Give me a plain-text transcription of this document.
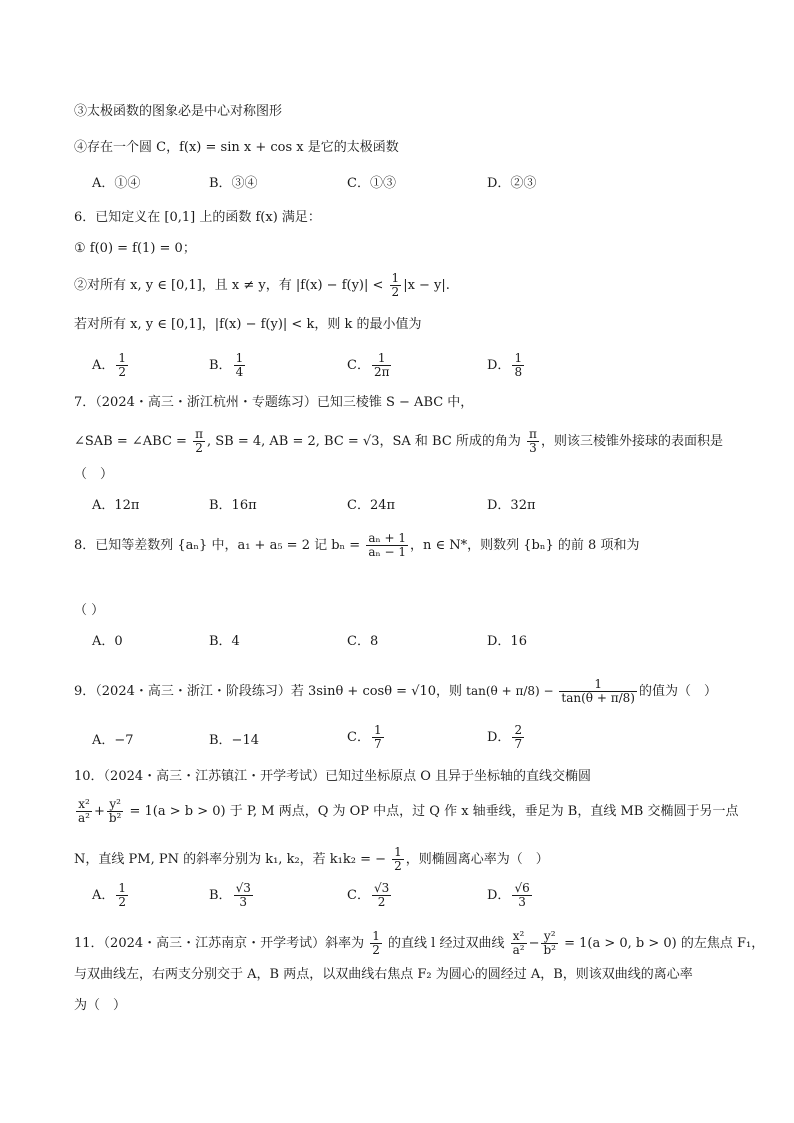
③太极函数的图象必是中心对称图形
④存在一个圆 C，f(x) = sin x + cos x 是它的太极函数
A．①④	B．③④	C．①③	D．②③
6．已知定义在 [0,1] 上的函数 f(x) 满足：
① f(0) = f(1) = 0；
②对所有 x, y ∈ [0,1]，且 x ≠ y，有 $|f(x) - f(y)| < \frac{1}{2} |x - y|$.
若对所有 x, y ∈ [0,1]，|f(x) − f(y)| < k，则 k 的最小值为
A． $\frac{1}{2}$	B． $\frac{1}{4}$	C． $\frac{1}{2\pi}$	D． $\frac{1}{8}$
7．（2024・高三・浙江杭州・专题练习）已知三棱锥 S − ABC 中，
∠SAB = ∠ABC = $\frac{\pi}{2}$ , SB = 4, AB = 2, BC = √3，SA 和 BC 所成的角为 $\frac{\pi}{3}$ ，则该三棱锥外接球的表面积是
（　）
A．12π	B．16π	C．24π	D．32π
8．已知等差数列 {aₙ} 中，a₁ + a₅ = 2 记 $b_n = \frac{\text{aₙ + 1}}{\text{aₙ − 1}}$ ，n ∈ N*，则数列 {bₙ} 的前 8 项和为
（ ）
A．0	B．4	C．8	D．16
9．（2024・高三・浙江・阶段练习）若 3sinθ + cosθ = √10，则 $\tan(\theta + \pi/8) - \frac{1}{\tan(\theta + \pi/8)}$ 的值为（　）
A．−7	B．−14	C． $\frac{1}{7}$	D． $\frac{2}{7}$
10．（2024・高三・江苏镇江・开学考试）已知过坐标原点 O 且异于坐标轴的直线交椭圆
$\frac{\text{x²}}{\text{a²}} + \frac{\text{y²}}{\text{b²}} = 1(a > b > 0)$ 于 P, M 两点，Q 为 OP 中点，过 Q 作 x 轴垂线，垂足为 B，直线 MB 交椭圆于另一点
N，直线 PM, PN 的斜率分别为 k₁, k₂，若 k₁k₂ = − $\frac{1}{2}$ ，则椭圆离心率为（　）
A． $\frac{1}{2}$	B． $\frac{√3}{3}$	C． $\frac{√3}{2}$	D． $\frac{√6}{3}$
11．（2024・高三・江苏南京・开学考试）斜率为 $\frac{1}{2}$ 的直线 l 经过双曲线 $\frac{\text{x²}}{\text{a²}} - \frac{\text{y²}}{\text{b²}} = 1(a > 0$, b > 0) 的左焦点 F₁，
与双曲线左，右两支分别交于 A，B 两点，以双曲线右焦点 F₂ 为圆心的圆经过 A，B，则该双曲线的离心率
为（　）
